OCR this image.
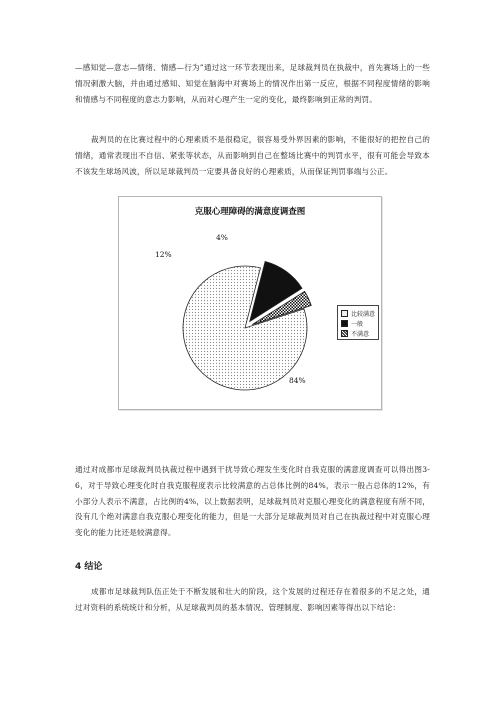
—感知觉—意志—情绪、情感—行为”通过这一环节表现出来，足球裁判员在执裁中，首先赛场上的一些情况刺激大脑，并由通过感知、知觉在脑海中对赛场上的情况作出第一反应，根据不同程度情绪的影响和情感与不同程度的意志力影响，从而对心理产生一定的变化，最终影响到正常的判罚。

裁判员的在比赛过程中的心理素质不是很稳定，很容易受外界因素的影响，不能很好的把控自己的情绪，通常表现出不自信、紧张等状态，从而影响到自己在整场比赛中的判罚水平，很有可能会导致本不该发生球场风波，所以足球裁判员一定要具备良好的心理素质，从而保证判罚事端与公正。

克服心理障碍的满意度调查图
比较满意
一般
不满意
84%
12%
4%

通过对成都市足球裁判员执裁过程中遇到干扰导致心理发生变化时自我克服的满意度调查可以得出图3-6，对于导致心理变化时自我克服程度表示比较满意的占总体比例的84%，表示一般占总体的12%，有小部分人表示不满意，占比例的4%，以上数据表明，足球裁判员对克服心理变化的满意程度有所不同，没有几个绝对满意自我克服心理变化的能力，但是一大部分足球裁判员对自己在执裁过程中对克服心理变化的能力比还是较满意得。

4 结论

成都市足球裁判队伍正处于不断发展和壮大的阶段，这个发展的过程还存在着很多的不足之处，通过对资料的系统统计和分析，从足球裁判员的基本情况、管理制度、影响因素等得出以下结论：
